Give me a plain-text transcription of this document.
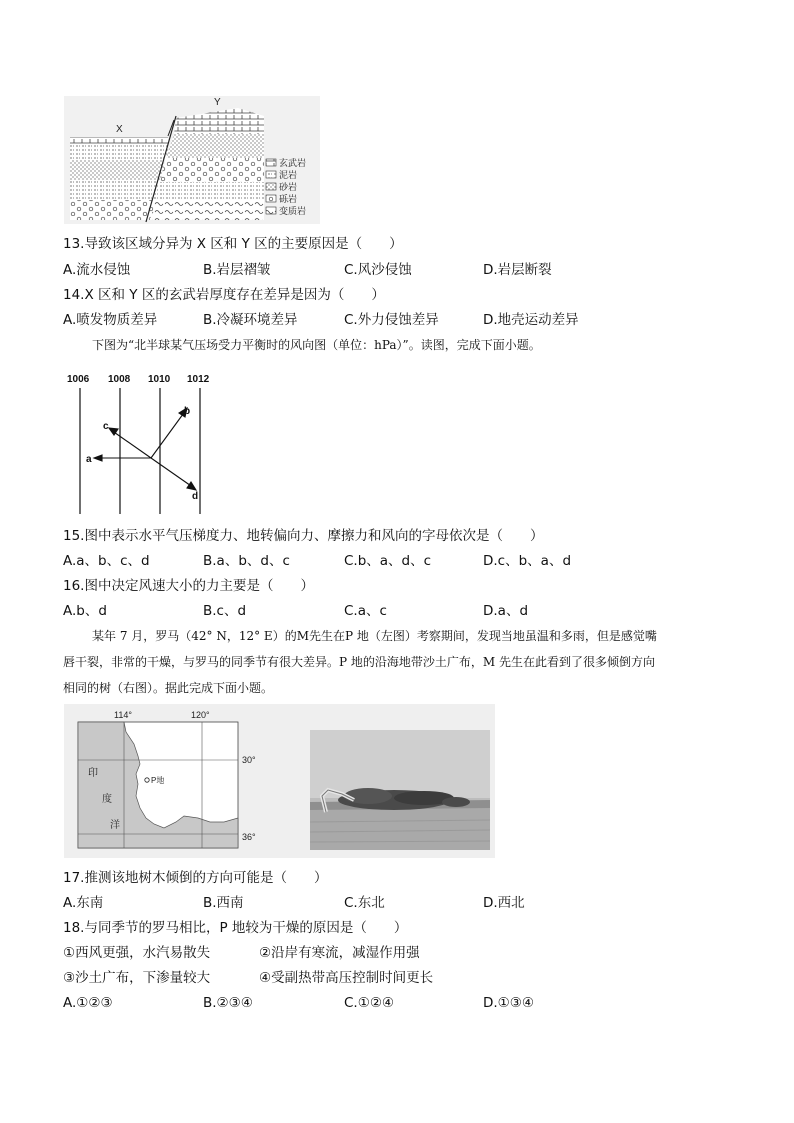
X
Y
玄武岩
泥岩
砂岩
砾岩
变质岩
13.导致该区域分异为 X 区和 Y 区的主要原因是（　　）
A.流水侵蚀	B.岩层褶皱	C.风沙侵蚀	D.岩层断裂
14.X 区和 Y 区的玄武岩厚度存在差异是因为（　　）
A.喷发物质差异	B.冷凝环境差异	C.外力侵蚀差异	D.地壳运动差异
下图为“北半球某气压场受力平衡时的风向图（单位：hPa）”。读图，完成下面小题。
1006 1008 1010 1012
a
b
c
d
15.图中表示水平气压梯度力、地转偏向力、摩擦力和风向的字母依次是（　　）
A.a、b、c、d	B.a、b、d、c	C.b、a、d、c	D.c、b、a、d
16.图中决定风速大小的力主要是（　　）
A.b、d	B.c、d	C.a、c	D.a、d
某年 7 月，罗马（42° N，12° E）的M先生在P 地（左图）考察期间，发现当地虽温和多雨，但是感觉嘴
唇干裂，非常的干燥，与罗马的同季节有很大差异。P 地的沿海地带沙土广布，M 先生在此看到了很多倾倒方向
相同的树（右图）。据此完成下面小题。
114°	120°
30°
36°
印
度
洋
P地
17.推测该地树木倾倒的方向可能是（　　）
A.东南	B.西南	C.东北	D.西北
18.与同季节的罗马相比，P 地较为干燥的原因是（　　）
①西风更强，水汽易散失	②沿岸有寒流，减湿作用强
③沙土广布，下渗量较大	④受副热带高压控制时间更长
A.①②③	B.②③④	C.①②④	D.①③④
